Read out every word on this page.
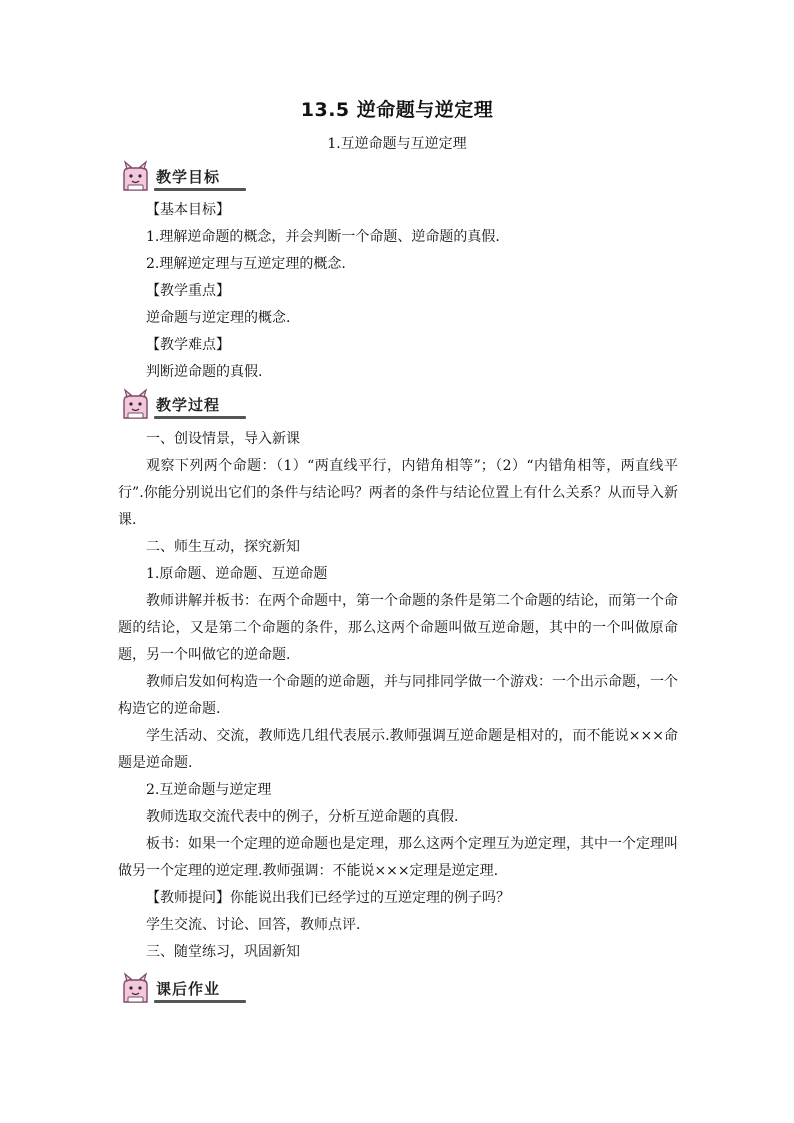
13.5 逆命题与逆定理
1.互逆命题与互逆定理
教学目标

【基本目标】

1.理解逆命题的概念，并会判断一个命题、逆命题的真假.

2.理解逆定理与互逆定理的概念.

【教学重点】

逆命题与逆定理的概念.

【教学难点】

判断逆命题的真假.

教学过程

一、创设情景，导入新课

观察下列两个命题：（1）“两直线平行，内错角相等”；（2）“内错角相等，两直线平行”.你能分别说出它们的条件与结论吗？两者的条件与结论位置上有什么关系？从而导入新课.

二、师生互动，探究新知

1.原命题、逆命题、互逆命题

教师讲解并板书：在两个命题中，第一个命题的条件是第二个命题的结论，而第一个命题的结论，又是第二个命题的条件，那么这两个命题叫做互逆命题，其中的一个叫做原命题，另一个叫做它的逆命题.

教师启发如何构造一个命题的逆命题，并与同排同学做一个游戏：一个出示命题，一个构造它的逆命题.

学生活动、交流，教师选几组代表展示.教师强调互逆命题是相对的，而不能说×××命题是逆命题.

2.互逆命题与逆定理

教师选取交流代表中的例子，分析互逆命题的真假.

板书：如果一个定理的逆命题也是定理，那么这两个定理互为逆定理，其中一个定理叫做另一个定理的逆定理.教师强调：不能说×××定理是逆定理.

【教师提问】你能说出我们已经学过的互逆定理的例子吗？

学生交流、讨论、回答，教师点评.

三、随堂练习，巩固新知

课后作业
